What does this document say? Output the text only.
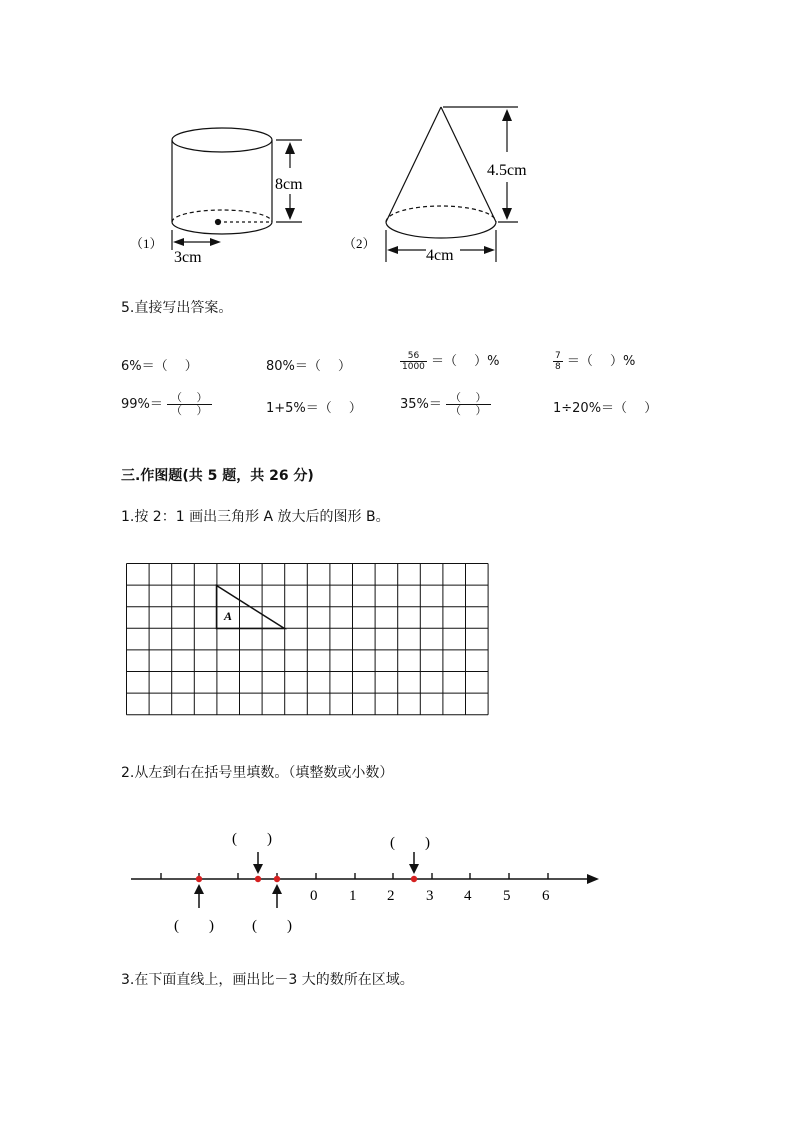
（1）
8cm
3cm
（2）
4.5cm
4cm
5.直接写出答案。
6%＝（　 ）	80%＝（　 ）	$\frac{56}{1000}$ ＝（　 ）%	$\frac{7}{8}$ ＝（　 ）%
$99\%= \frac{( )}{( )}$	1+5%＝（　 ）	$35\%= \frac{( )}{( )}$	1÷20%＝（　 ）
三.作图题(共 5 题，共 26 分)
1.按 2：1 画出三角形 A 放大后的图形 B。
A
2.从左到右在括号里填数。（填整数或小数）
0 1 2 3 4 5 6
(　　)	(　　)
(　　)	(　　)
3.在下面直线上，画出比－3 大的数所在区域。
